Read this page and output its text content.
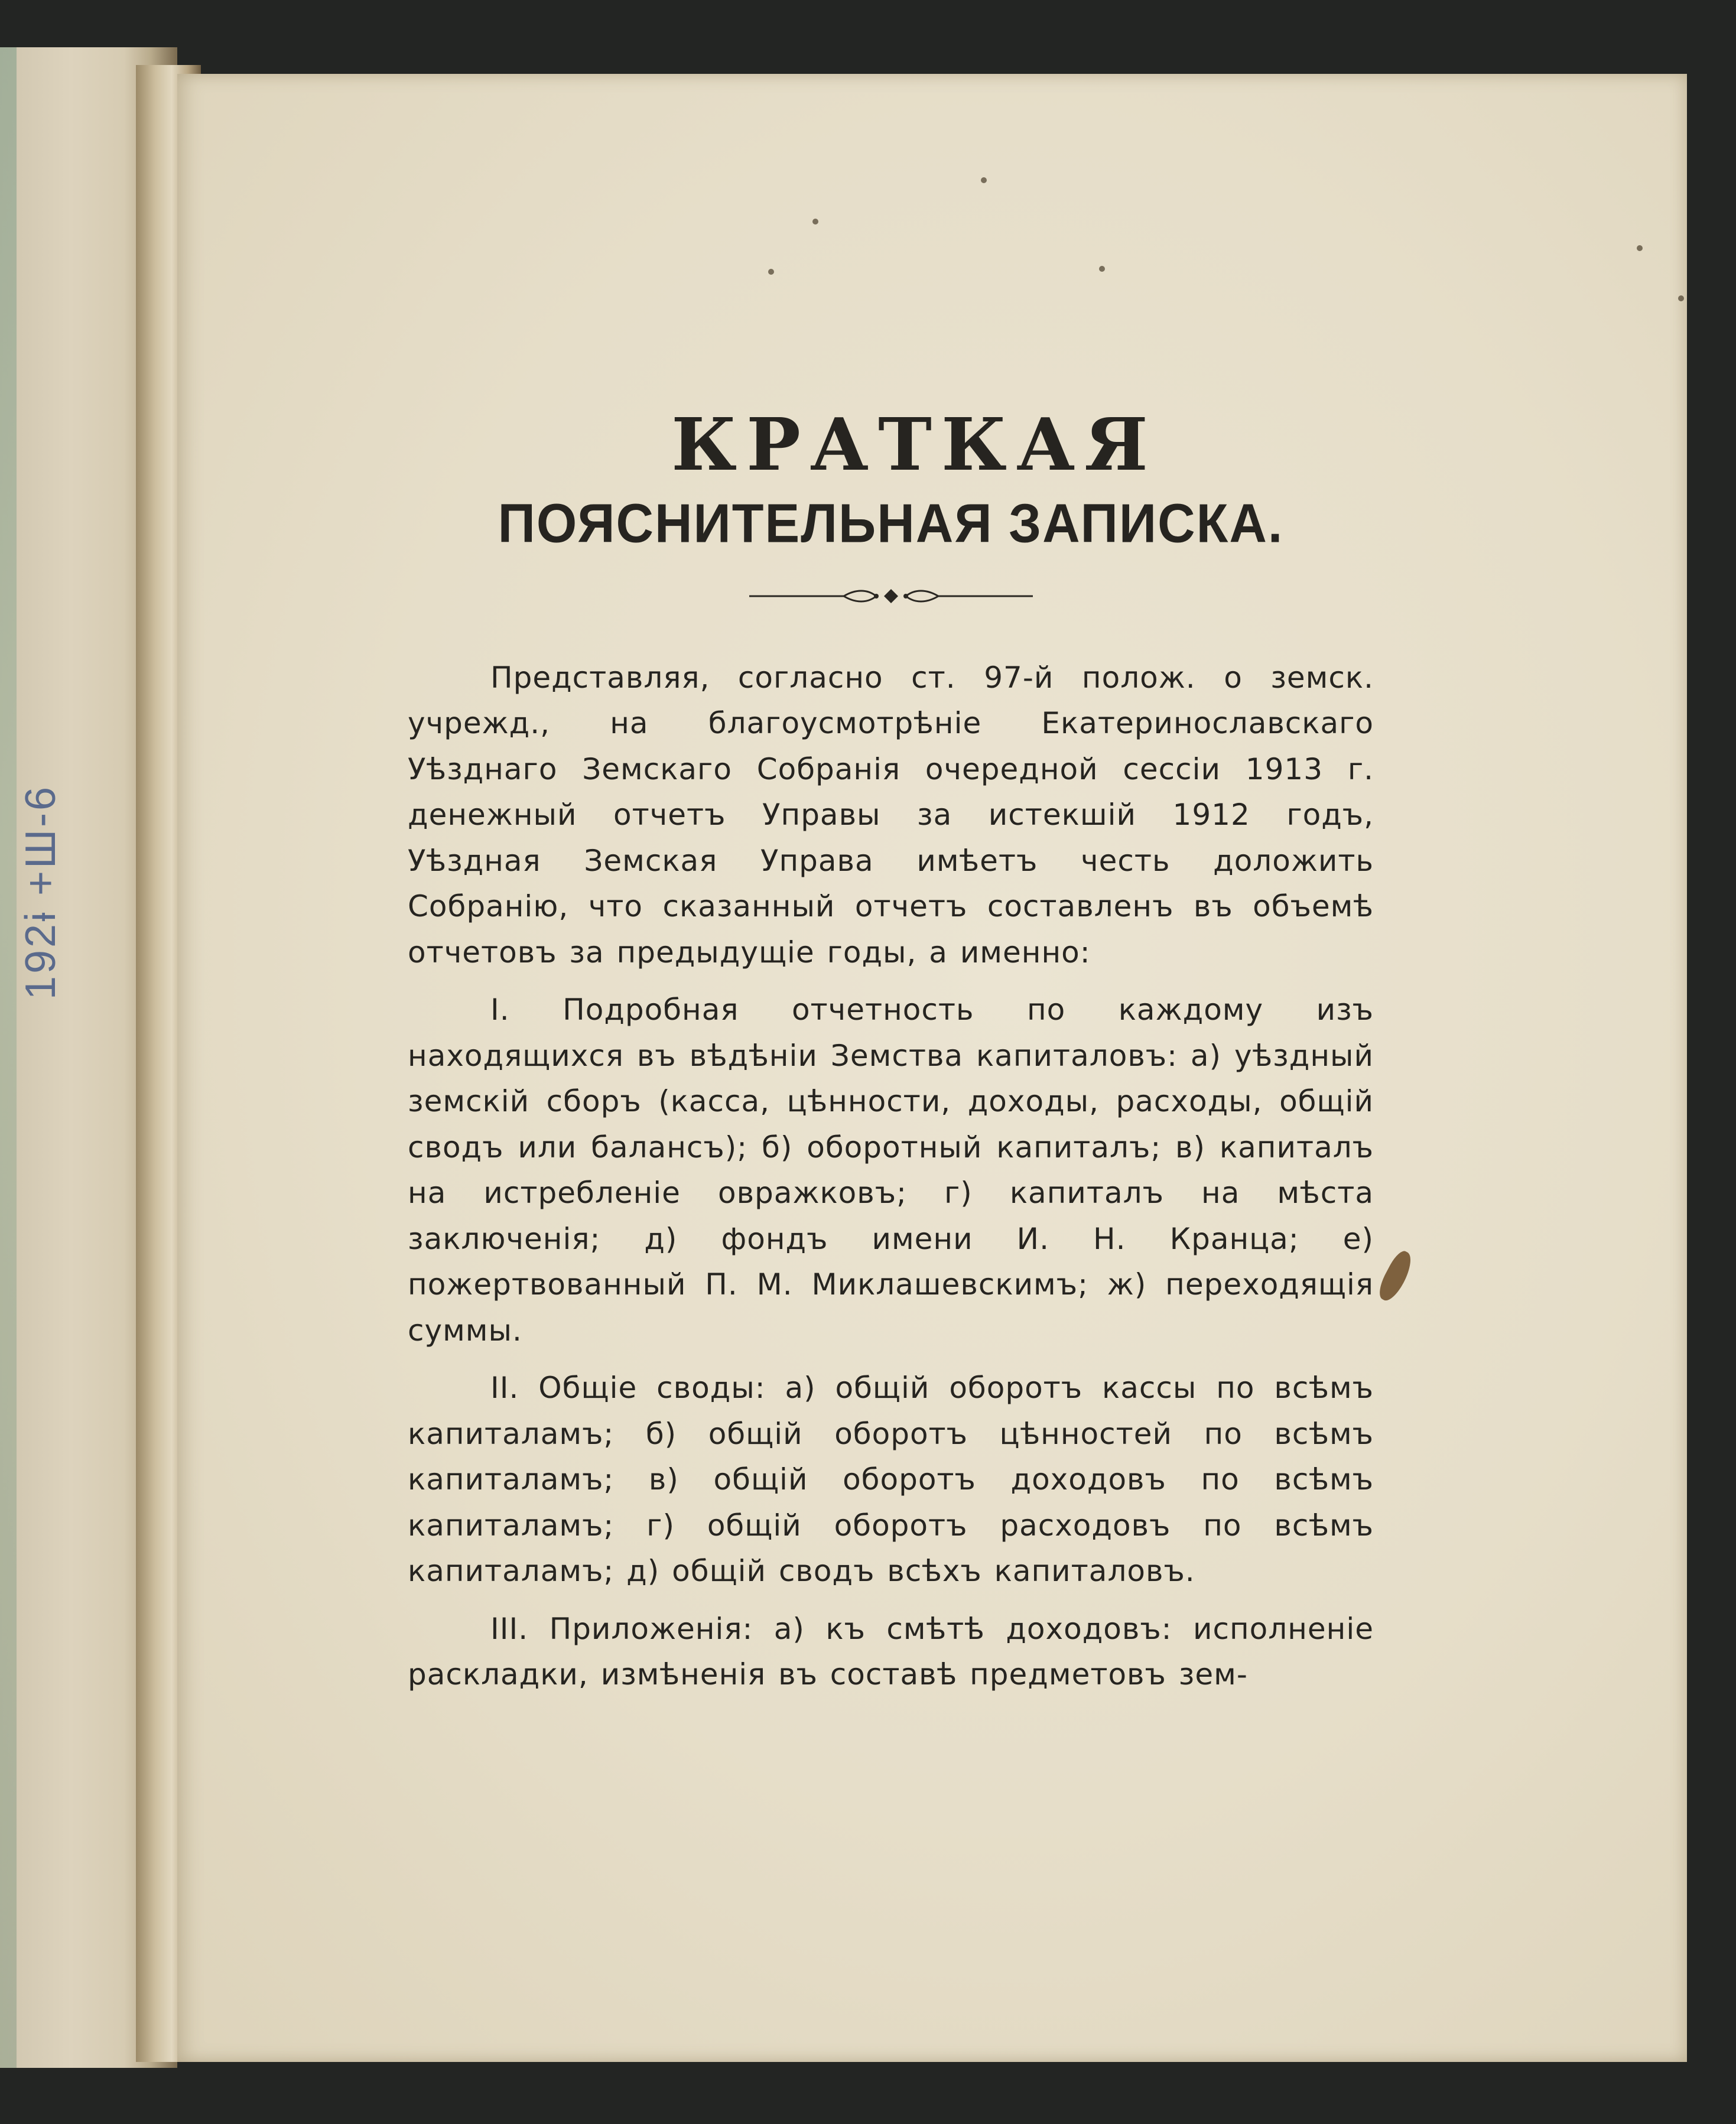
192ɨ +Ш-6
КРАТКАЯ
ПОЯСНИТЕЛЬНАЯ ЗАПИСКА.

Представляя, согласно ст. 97-й полож. о земск. учрежд., на благоусмотрѣніе Екатеринославскаго Уѣзднаго Земскаго Собранія очередной сессіи 1913 г. денежный отчетъ Управы за истекшій 1912 годъ, Уѣздная Земская Управа имѣетъ честь доложить Собранію, что сказанный отчетъ составленъ въ объемѣ отчетовъ за предыдущіе годы, а именно:

I. Подробная отчетность по каждому изъ находящихся въ вѣдѣніи Земства капиталовъ: а) уѣздный земскій сборъ (касса, цѣнности, доходы, расходы, общій сводъ или балансъ); б) оборотный капиталъ; в) капиталъ на истребленіе овражковъ; г) капиталъ на мѣста заключенія; д) фондъ имени И. Н. Кранца; е) пожертвованный П. М. Миклашевскимъ; ж) переходящія суммы.

II. Общіе своды: а) общій оборотъ кассы по всѣмъ капиталамъ; б) общій оборотъ цѣнностей по всѣмъ капиталамъ; в) общій оборотъ доходовъ по всѣмъ капиталамъ; г) общій оборотъ расходовъ по всѣмъ капиталамъ; д) общій сводъ всѣхъ капиталовъ.

III. Приложенія: а) къ смѣтѣ доходовъ: исполненіе раскладки, измѣненія въ составѣ предметовъ зем-
